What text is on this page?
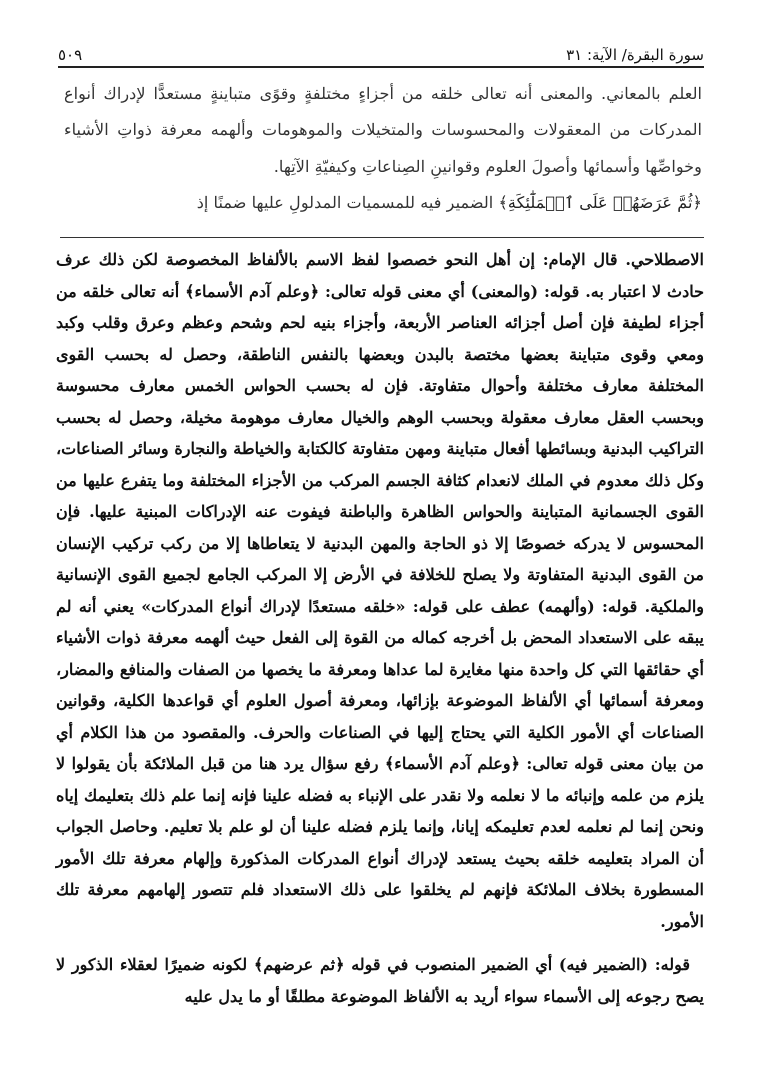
سورة البقرة/ الآية: ٣١
٥٠٩

العلم بالمعاني. والمعنى أنه تعالى خلقه من أجزاءٍ مختلفةٍ وقوًى متباينةٍ مستعدًّا لإدراك أنواع المدركات من المعقولات والمحسوسات والمتخيلات والموهومات وألهمه معرفة ذواتِ الأشياء وخواصِّها وأسمائها وأصولَ العلوم وقوانينِ الصِناعاتِ وكيفيّةِ الآتِها.

﴿ثُمَّ عَرَضَهُمۡ عَلَى ٱلۡمَلَٰٓئِكَةِ﴾ الضمير فيه للمسميات المدلولِ عليها ضمنًا إذ

الاصطلاحي. قال الإمام: إن أهل النحو خصصوا لفظ الاسم بالألفاظ المخصوصة لكن ذلك عرف حادث لا اعتبار به. قوله: (والمعنى) أي معنى قوله تعالى: ﴿وعلم آدم الأسماء﴾ أنه تعالى خلقه من أجزاء لطيفة فإن أصل أجزائه العناصر الأربعة، وأجزاء بنيه لحم وشحم وعظم وعرق وقلب وكبد ومعي وقوى متباينة بعضها مختصة بالبدن وبعضها بالنفس الناطقة، وحصل له بحسب القوى المختلفة معارف مختلفة وأحوال متفاوتة. فإن له بحسب الحواس الخمس معارف محسوسة وبحسب العقل معارف معقولة وبحسب الوهم والخيال معارف موهومة مخيلة، وحصل له بحسب التراكيب البدنية وبسائطها أفعال متباينة ومهن متفاوتة كالكتابة والخياطة والنجارة وسائر الصناعات، وكل ذلك معدوم في الملك لانعدام كثافة الجسم المركب من الأجزاء المختلفة وما يتفرع عليها من القوى الجسمانية المتباينة والحواس الظاهرة والباطنة فيفوت عنه الإدراكات المبنية عليها. فإن المحسوس لا يدركه خصوصًا إلا ذو الحاجة والمهن البدنية لا يتعاطاها إلا من ركب تركيب الإنسان من القوى البدنية المتفاوتة ولا يصلح للخلافة في الأرض إلا المركب الجامع لجميع القوى الإنسانية والملكية. قوله: (وألهمه) عطف على قوله: «خلقه مستعدًا لإدراك أنواع المدركات» يعني أنه لم يبقه على الاستعداد المحض بل أخرجه كماله من القوة إلى الفعل حيث ألهمه معرفة ذوات الأشياء أي حقائقها التي كل واحدة منها مغايرة لما عداها ومعرفة ما يخصها من الصفات والمنافع والمضار، ومعرفة أسمائها أي الألفاظ الموضوعة بإزائها، ومعرفة أصول العلوم أي قواعدها الكلية، وقوانين الصناعات أي الأمور الكلية التي يحتاج إليها في الصناعات والحرف. والمقصود من هذا الكلام أي من بيان معنى قوله تعالى: ﴿وعلم آدم الأسماء﴾ رفع سؤال يرد هنا من قبل الملائكة بأن يقولوا لا يلزم من علمه وإنبائه ما لا نعلمه ولا نقدر على الإنباء به فضله علينا فإنه إنما علم ذلك بتعليمك إياه ونحن إنما لم نعلمه لعدم تعليمكه إيانا، وإنما يلزم فضله علينا أن لو علم بلا تعليم. وحاصل الجواب أن المراد بتعليمه خلقه بحيث يستعد لإدراك أنواع المدركات المذكورة وإلهام معرفة تلك الأمور المسطورة بخلاف الملائكة فإنهم لم يخلقوا على ذلك الاستعداد فلم تتصور إلهامهم معرفة تلك الأمور.

قوله: (الضمير فيه) أي الضمير المنصوب في قوله ﴿ثم عرضهم﴾ لكونه ضميرًا لعقلاء الذكور لا يصح رجوعه إلى الأسماء سواء أريد به الألفاظ الموضوعة مطلقًا أو ما يدل عليه
